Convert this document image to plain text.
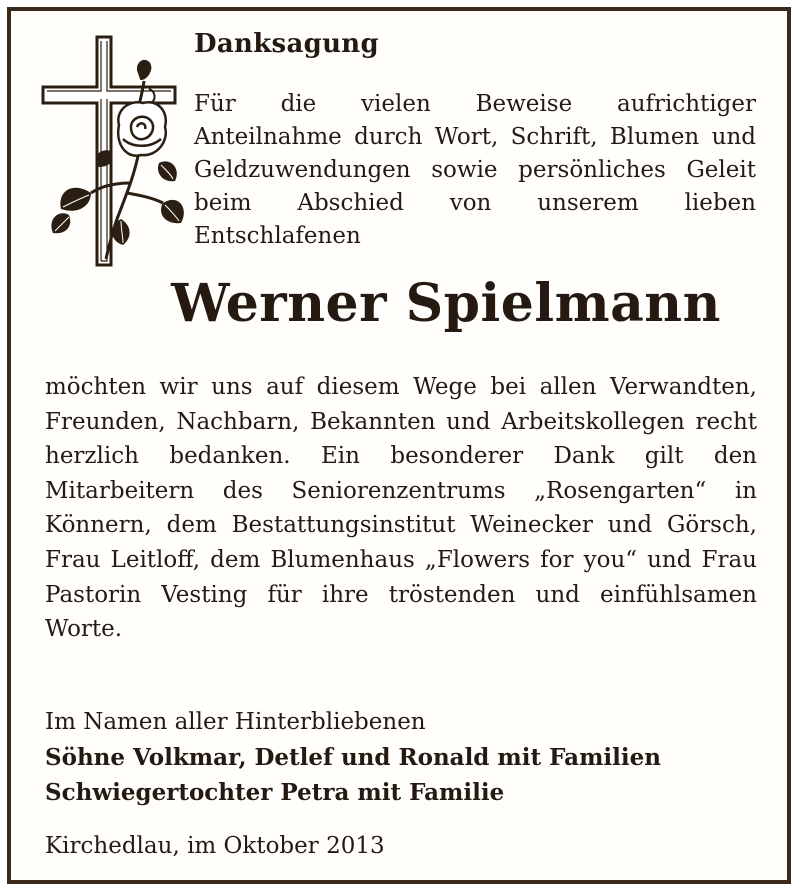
Danksagung

Für die vielen Beweise aufrichtiger Anteilnahme durch Wort, Schrift, Blumen und Geldzuwendungen sowie persönliches Geleit beim Abschied von unserem lieben Entschlafenen

Werner Spielmann

möchten wir uns auf diesem Wege bei allen Verwandten, Freunden, Nachbarn, Bekannten und Arbeitskollegen recht herzlich bedanken. Ein besonderer Dank gilt den Mitarbeitern des Seniorenzentrums „Rosengarten“ in Könnern, dem Bestattungsinstitut Weinecker und Görsch, Frau Leitloff, dem Blumenhaus „Flowers for you“ und Frau Pastorin Vesting für ihre tröstenden und einfühlsamen Worte.

Im Namen aller Hinterbliebenen
Söhne Volkmar, Detlef und Ronald mit Familien
Schwiegertochter Petra mit Familie

Kirchedlau, im Oktober 2013
